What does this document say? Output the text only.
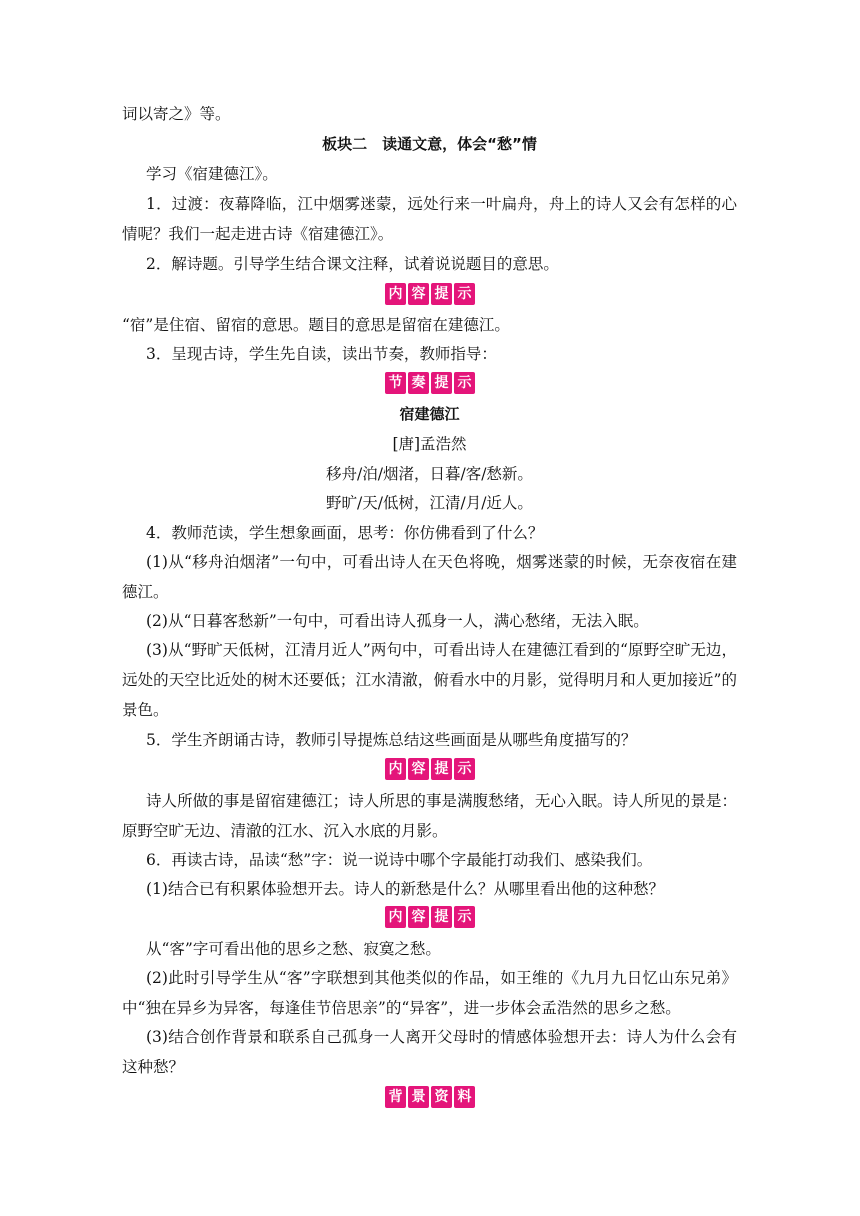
词以寄之》等。

板块二　读通文意，体会“愁”情

学习《宿建德江》。

1．过渡：夜幕降临，江中烟雾迷蒙，远处行来一叶扁舟，舟上的诗人又会有怎样的心情呢？我们一起走进古诗《宿建德江》。

2．解诗题。引导学生结合课文注释，试着说说题目的意思。

内 容 提 示

“宿”是住宿、留宿的意思。题目的意思是留宿在建德江。

3．呈现古诗，学生先自读，读出节奏，教师指导：

节 奏 提 示

宿建德江

[唐]孟浩然

移舟/泊/烟渚，日暮/客/愁新。

野旷/天/低树，江清/月/近人。

4．教师范读，学生想象画面，思考：你仿佛看到了什么？

(1)从“移舟泊烟渚”一句中，可看出诗人在天色将晚，烟雾迷蒙的时候，无奈夜宿在建德江。

(2)从“日暮客愁新”一句中，可看出诗人孤身一人，满心愁绪，无法入眠。

(3)从“野旷天低树，江清月近人”两句中，可看出诗人在建德江看到的“原野空旷无边，远处的天空比近处的树木还要低；江水清澈，俯看水中的月影，觉得明月和人更加接近”的景色。

5．学生齐朗诵古诗，教师引导提炼总结这些画面是从哪些角度描写的？

内 容 提 示

诗人所做的事是留宿建德江；诗人所思的事是满腹愁绪，无心入眠。诗人所见的景是：原野空旷无边、清澈的江水、沉入水底的月影。

6．再读古诗，品读“愁”字：说一说诗中哪个字最能打动我们、感染我们。

(1)结合已有积累体验想开去。诗人的新愁是什么？从哪里看出他的这种愁？

内 容 提 示

从“客”字可看出他的思乡之愁、寂寞之愁。

(2)此时引导学生从“客”字联想到其他类似的作品，如王维的《九月九日忆山东兄弟》中“独在异乡为异客，每逢佳节倍思亲”的“异客”，进一步体会孟浩然的思乡之愁。

(3)结合创作背景和联系自己孤身一人离开父母时的情感体验想开去：诗人为什么会有这种愁？

背 景 资 料
